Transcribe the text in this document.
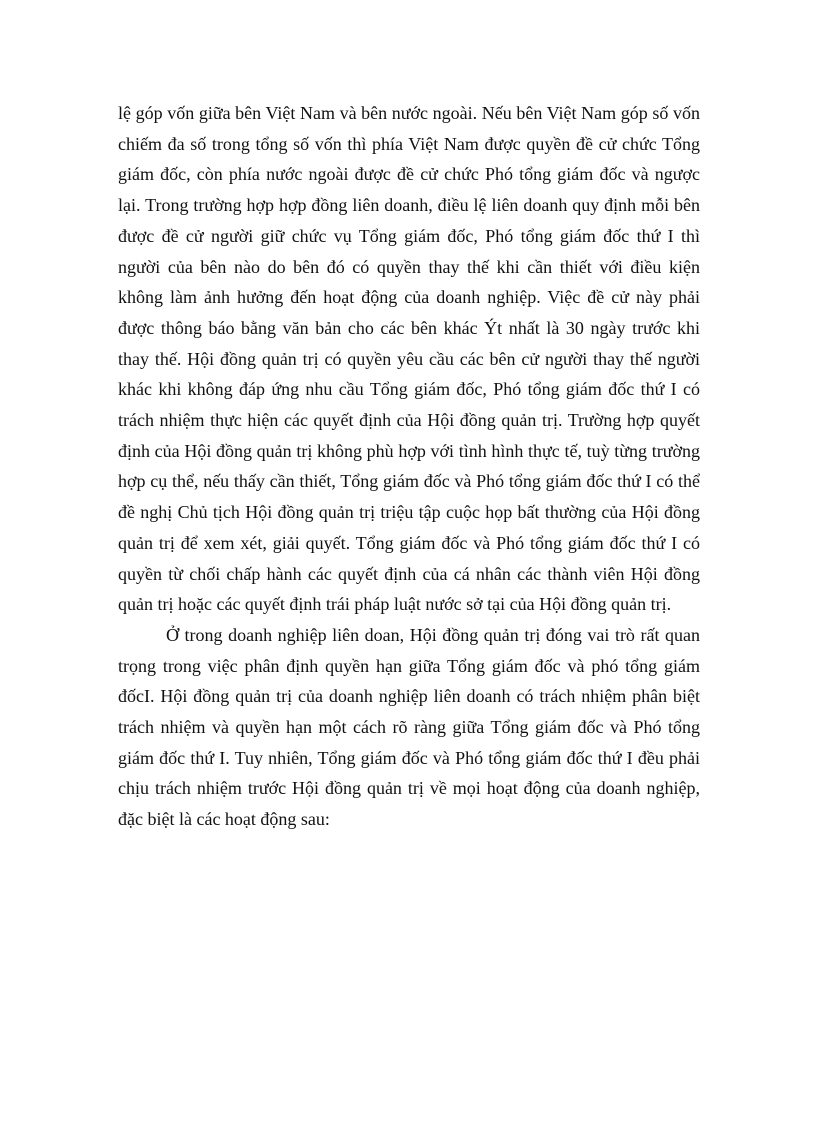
lệ góp vốn giữa bên Việt Nam và bên nước ngoài. Nếu bên Việt Nam góp số vốn chiếm đa số trong tổng số vốn thì phía Việt Nam được quyền đề cử chức Tổng giám đốc, còn phía nước ngoài được đề cử chức Phó tổng giám đốc và ngược lại. Trong trường hợp hợp đồng liên doanh, điều lệ liên doanh quy định mỗi bên được đề cử người giữ chức vụ Tổng giám đốc, Phó tổng giám đốc thứ I thì người của bên nào do bên đó có quyền thay thế khi cần thiết với điều kiện không làm ảnh hưởng đến hoạt động của doanh nghiệp. Việc đề cử này phải được thông báo bằng văn bản cho các bên khác Ýt nhất là 30 ngày trước khi thay thế. Hội đồng quản trị có quyền yêu cầu các bên cử người thay thế người khác khi không đáp ứng nhu cầu Tổng giám đốc, Phó tổng giám đốc thứ I có trách nhiệm thực hiện các quyết định của Hội đồng quản trị. Trường hợp quyết định của Hội đồng quản trị không phù hợp với tình hình thực tế, tuỳ từng trường hợp cụ thể, nếu thấy cần thiết, Tổng giám đốc và Phó tổng giám đốc thứ I có thể đề nghị Chủ tịch Hội đồng quản trị triệu tập cuộc họp bất thường của Hội đồng quản trị để xem xét, giải quyết. Tổng giám đốc và Phó tổng giám đốc thứ I có quyền từ chối chấp hành các quyết định của cá nhân các thành viên Hội đồng quản trị hoặc các quyết định trái pháp luật nước sở tại của Hội đồng quản trị.

Ở trong doanh nghiệp liên doan, Hội đồng quản trị đóng vai trò rất quan trọng trong việc phân định quyền hạn giữa Tổng giám đốc và phó tổng giám đốcI. Hội đồng quản trị của doanh nghiệp liên doanh có trách nhiệm phân biệt trách nhiệm và quyền hạn một cách rõ ràng giữa Tổng giám đốc và Phó tổng giám đốc thứ I. Tuy nhiên, Tổng giám đốc và Phó tổng giám đốc thứ I đều phải chịu trách nhiệm trước Hội đồng quản trị về mọi hoạt động của doanh nghiệp, đặc biệt là các hoạt động sau:
